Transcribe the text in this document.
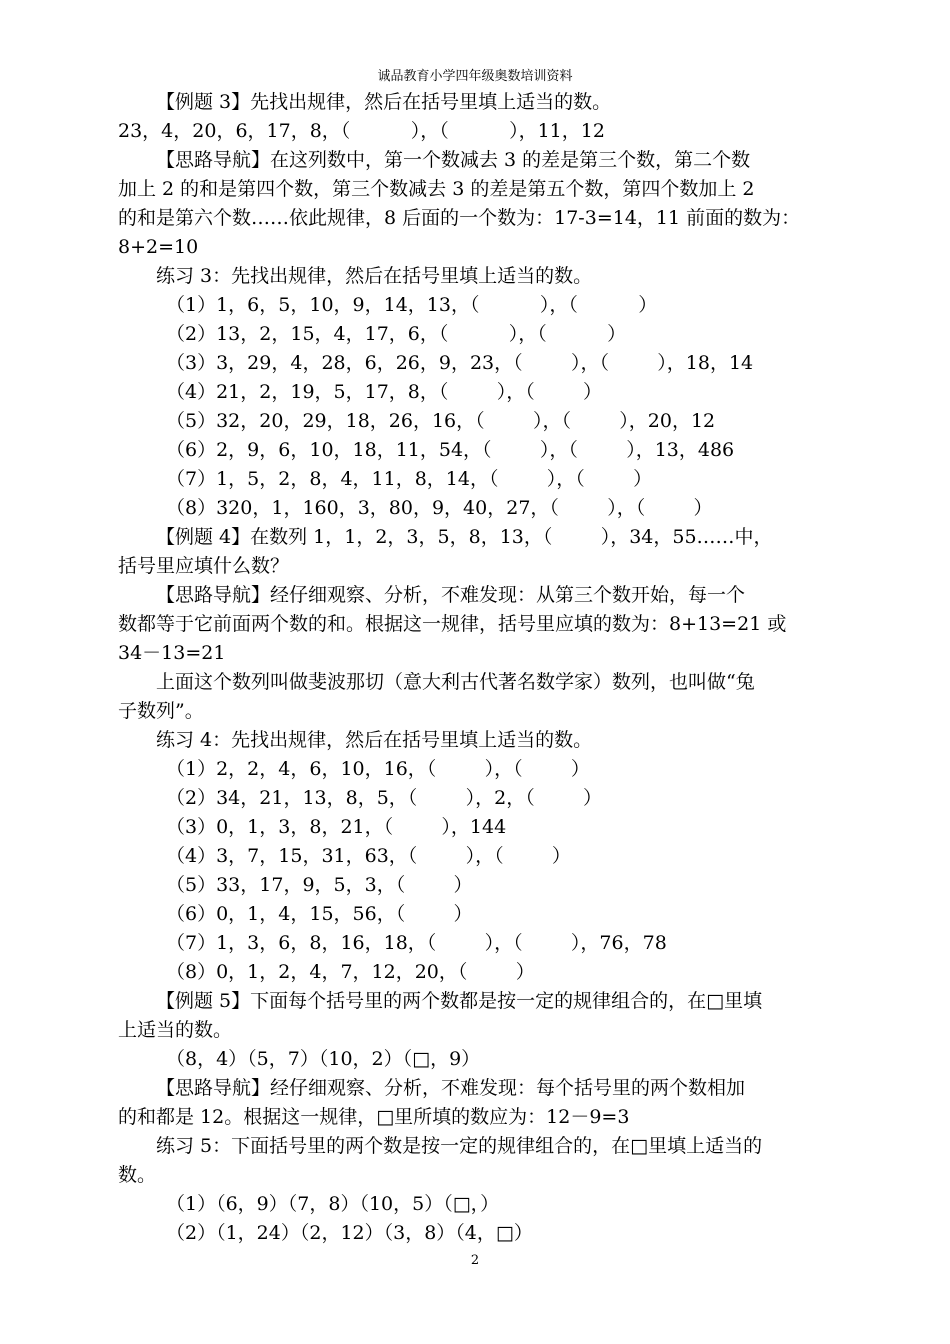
诚品教育小学四年级奥数培训资料
【例题 3】先找出规律，然后在括号里填上适当的数。
23，4，20，6，17，8，（          ），（          ），11，12
【思路导航】在这列数中，第一个数减去 3 的差是第三个数，第二个数
加上 2 的和是第四个数，第三个数减去 3 的差是第五个数，第四个数加上 2
的和是第六个数……依此规律，8 后面的一个数为：17-3=14，11 前面的数为：
8+2=10
练习 3：先找出规律，然后在括号里填上适当的数。
（1）1，6，5，10，9，14，13，（          ），（          ）
（2）13，2，15，4，17，6，（          ），（          ）
（3）3，29，4，28，6，26，9，23，（        ），（        ），18，14
（4）21，2，19，5，17，8，（        ），（        ）
（5）32，20，29，18，26，16，（        ），（        ），20，12
（6）2，9，6，10，18，11，54，（        ），（        ），13，486
（7）1，5，2，8，4，11，8，14，（        ），（        ）
（8）320，1，160，3，80，9，40，27，（        ），（        ）
【例题 4】在数列 1，1，2，3，5，8，13，（        ），34，55……中，
括号里应填什么数？
【思路导航】经仔细观察、分析，不难发现：从第三个数开始，每一个
数都等于它前面两个数的和。根据这一规律，括号里应填的数为：8+13=21 或
34－13=21
上面这个数列叫做斐波那切（意大利古代著名数学家）数列，也叫做“兔
子数列”。
练习 4：先找出规律，然后在括号里填上适当的数。
（1）2，2，4，6，10，16，（        ），（        ）
（2）34，21，13，8，5，（        ），2，（        ）
（3）0，1，3，8，21，（        ），144
（4）3，7，15，31，63，（        ），（        ）
（5）33，17，9，5，3，（        ）
（6）0，1，4，15，56，（        ）
（7）1，3，6，8，16，18，（        ），（        ），76，78
（8）0，1，2，4，7，12，20，（        ）
【例题 5】下面每个括号里的两个数都是按一定的规律组合的，在□里填
上适当的数。
（8，4）（5，7）（10，2）（□，9）
【思路导航】经仔细观察、分析，不难发现：每个括号里的两个数相加
的和都是 12。根据这一规律，□里所填的数应为：12－9=3
练习 5：下面括号里的两个数是按一定的规律组合的，在□里填上适当的
数。
（1）（6，9）（7，8）（10，5）（□，）
（2）（1，24）（2，12）（3，8）（4，□）
2
